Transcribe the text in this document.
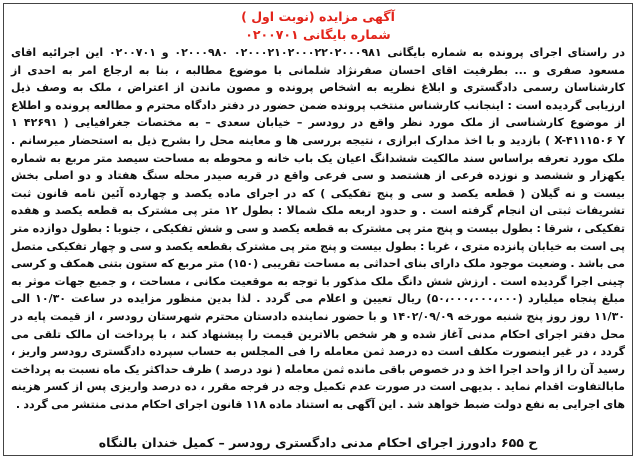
آگهی مزایده (نوبت اول )
شماره بایگانی ۰۲۰۰۷۰۱
در راستای اجرای پرونده به شماره بایگانی ۰۲۰۰۰۲۱۰۲۰۰۰۲۲۰۲۰۰۰۹۸۱ ۰۲۰۰۰۹۸۰ و ۰۲۰۰۷۰۱ این اجرائیه اقای مسعود صفری و ... بطرفیت اقای احسان صفرنژاد شلمانی با موضوع مطالبه ، بنا به ارجاع امر به احدی از کارشناسان رسمی دادگستری و ابلاغ نظریه به اشخاص پرونده و مصون ماندن از اعتراض ، ملک به وصف ذیل ارزیابی گردیده است : اینجانب کارشناس منتخب پرونده ضمن حضور در دفتر دادگاه محترم و مطالعه پرونده و اطلاع از موضوع کارشناسی از ملک مورد نظر واقع در رودسر – خیابان سعدی – به مختصات جغرافیایی ( ۴۲۶۹۱ ۱ X-۴۱۱۱۵۰۶ Y ) بازدید و با اخذ مدارک ابرازی ، نتیجه بررسی ها و معاینه محل را بشرح ذیل به استحضار میرسانم . ملک مورد تعرفه براساس سند مالکیت ششدانگ اعیان یک باب خانه و محوطه به مساحت سیصد متر مربع به شماره یکهزار و ششصد و نوزده فرعی از هشتصد و سی فرعی واقع در قریه صیدر محله سنگ هفتاد و دو اصلی بخش بیست و نه گیلان ( قطعه یکصد و سی و پنج تفکیکی ) که در اجرای ماده یکصد و چهارده آئین نامه قانون ثبت تشریفات ثبتی ان انجام گرفته است . و حدود اربعه ملک شمالا : بطول ۱۲ متر پی مشترک به قطعه یکصد و هفده تفکیکی ، شرقا : بطول بیست و پنج متر پی مشترک به قطعه یکصد و سی و شش تفکیکی ، جنوبا : بطول دوازده متر پی است به خیابان پانزده متری ، غربا : بطول بیست و پنج متر پی مشترک بقطعه یکصد و سی و چهار تفکیکی متصل می باشد . وضعیت موجود ملک دارای بنای احداثی به مساحت تقریبی (۱۵۰) متر مربع که ستون بتنی همکف و کرسی چینی اجرا گردیده است . ارزش شش دانگ ملک مذکور با توجه به موقعیت مکانی ، مساحت ، و جمیع جهات موثر به مبلغ پنجاه میلیارد (۵۰،۰۰۰،۰۰۰،۰۰۰) ریال تعیین و اعلام می گردد . لذا بدین منظور مزایده در ساعت ۱۰/۳۰ الی ۱۱/۳۰ روز روز پنج شنبه مورخه ۱۴۰۲/۰۹/۰۹ و با حضور نماینده دادستان محترم شهرستان رودسر ، از قیمت پایه در محل دفتر اجرای احکام مدنی آغاز شده و هر شخص بالاترین قیمت را پیشنهاد کند ، با پرداخت ان مالک تلقی می گردد ، در غیر اینصورت مکلف است ده درصد ثمن معامله را فی المجلس به حساب سپرده دادگستری رودسر واریز ، رسید آن را از واحد اجرا اخذ و در خصوص باقی مانده ثمن معامله ( نود درصد ) ظرف حداکثر یک ماه نسبت به پرداخت مابالتفاوت اقدام نماید . بدیهی است در صورت عدم تکمیل وجه در فرجه مقرر ، ده درصد واریزی پس از کسر هزینه های اجرایی به نفع دولت ضبط خواهد شد . این آگهی به استناد ماده ۱۱۸ قانون اجرای احکام مدنی منتشر می گردد .
ح ۶۵۵ دادورز اجرای احکام مدنی دادگستری رودسر – کمیل خندان بالنگاه
